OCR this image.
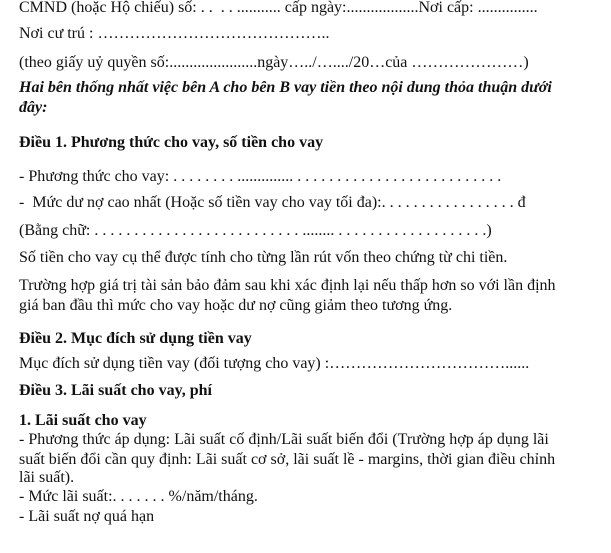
CMND (hoặc Hộ chiếu) số: . .  . . ........... cấp ngày:..................Nơi cấp: ...............
Nơi cư trú : ……………………………………..
(theo giấy uỷ quyền số:......................ngày…../…..../20…của …………………)
Hai bên thống nhất việc bên A cho bên B vay tiền theo nội dung thỏa thuận dưới
đây:
Điều 1. Phương thức cho vay, số tiền cho vay
- Phương thức cho vay: . . . . . . . . .............. . . . . . . . . . . . . . . . . . . . . . . . . . .
-  Mức dư nợ cao nhất (Hoặc số tiền vay cho vay tối đa):. . . . . . . . . . . . . . . . . đ
(Bằng chữ: . . . . . . . . . . . . . . . . . . . . . . . . . . ........ . . . . . . . . . . . . . . . . . . .)
Số tiền cho vay cụ thể được tính cho từng lần rút vốn theo chứng từ chi tiền.
Trường hợp giá trị tài sản bảo đảm sau khi xác định lại nếu thấp hơn so với lần định
giá ban đầu thì mức cho vay hoặc dư nợ cũng giảm theo tương ứng.
Điều 2. Mục đích sử dụng tiền vay
Mục đích sử dụng tiền vay (đối tượng cho vay) :……………………………......
Điều 3. Lãi suất cho vay, phí
1. Lãi suất cho vay
- Phương thức áp dụng: Lãi suất cố định/Lãi suất biến đổi (Trường hợp áp dụng lãi
suất biến đổi cần quy định: Lãi suất cơ sở, lãi suất lề - margins, thời gian điều chỉnh
lãi suất).
- Mức lãi suất:. . . . . . . %/năm/tháng.
- Lãi suất nợ quá hạn
